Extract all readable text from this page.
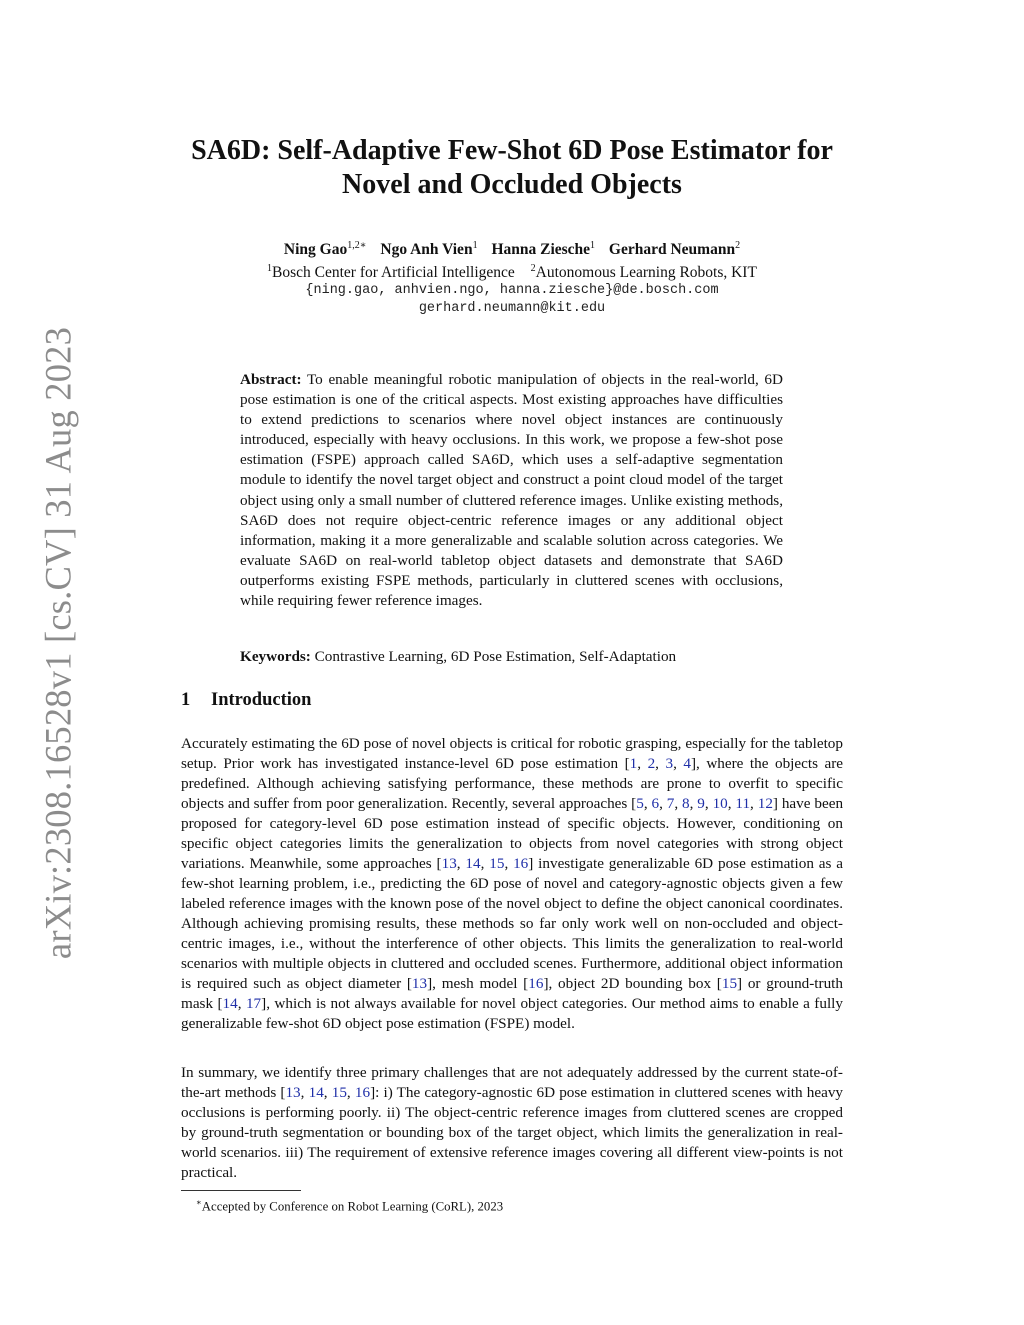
arXiv:2308.16528v1 [cs.CV] 31 Aug 2023
SA6D: Self-Adaptive Few-Shot 6D Pose Estimator for
Novel and Occluded Objects
Ning Gao$^{1,2∗}$ Ngo Anh Vien$^1$ Hanna Ziesche$^1$ Gerhard Neumann$^2$
$^1$Bosch Center for Artificial Intelligence $^2$Autonomous Learning Robots, KIT
{ning.gao, anhvien.ngo, hanna.ziesche}@de.bosch.com
gerhard.neumann@kit.edu
Abstract: To enable meaningful robotic manipulation of objects in the real-world, 6D pose estimation is one of the critical aspects. Most existing approaches have difficulties to extend predictions to scenarios where novel object instances are continuously introduced, especially with heavy occlusions. In this work, we propose a few-shot pose estimation (FSPE) approach called SA6D, which uses a self-adaptive segmentation module to identify the novel target object and construct a point cloud model of the target object using only a small number of cluttered reference images. Unlike existing methods, SA6D does not require object-centric reference images or any additional object information, making it a more generalizable and scalable solution across categories. We evaluate SA6D on real-world tabletop object datasets and demonstrate that SA6D outperforms existing FSPE methods, particularly in cluttered scenes with occlusions, while requiring fewer reference images.
Keywords: Contrastive Learning, 6D Pose Estimation, Self-Adaptation
1 Introduction
Accurately estimating the 6D pose of novel objects is critical for robotic grasping, especially for the tabletop setup. Prior work has investigated instance-level 6D pose estimation [1, 2, 3, 4], where the objects are predefined. Although achieving satisfying performance, these methods are prone to overfit to specific objects and suffer from poor generalization. Recently, several approaches [5, 6, 7, 8, 9, 10, 11, 12] have been proposed for category-level 6D pose estimation instead of specific objects. However, conditioning on specific object categories limits the generalization to objects from novel categories with strong object variations. Meanwhile, some approaches [13, 14, 15, 16] investigate generalizable 6D pose estimation as a few-shot learning problem, i.e., predicting the 6D pose of novel and category-agnostic objects given a few labeled reference images with the known pose of the novel object to define the object canonical coordinates. Although achieving promising results, these methods so far only work well on non-occluded and object-centric images, i.e., without the interference of other objects. This limits the generalization to real-world scenarios with multiple objects in cluttered and occluded scenes. Furthermore, additional object information is required such as object diameter [13], mesh model [16], object 2D bounding box [15] or ground-truth mask [14, 17], which is not always available for novel object categories. Our method aims to enable a fully generalizable few-shot 6D object pose estimation (FSPE) model.
In summary, we identify three primary challenges that are not adequately addressed by the current state-of-the-art methods [13, 14, 15, 16]: i) The category-agnostic 6D pose estimation in cluttered scenes with heavy occlusions is performing poorly. ii) The object-centric reference images from cluttered scenes are cropped by ground-truth segmentation or bounding box of the target object, which limits the generalization in real-world scenarios. iii) The requirement of extensive reference images covering all different view-points is not practical.
∗Accepted by Conference on Robot Learning (CoRL), 2023
